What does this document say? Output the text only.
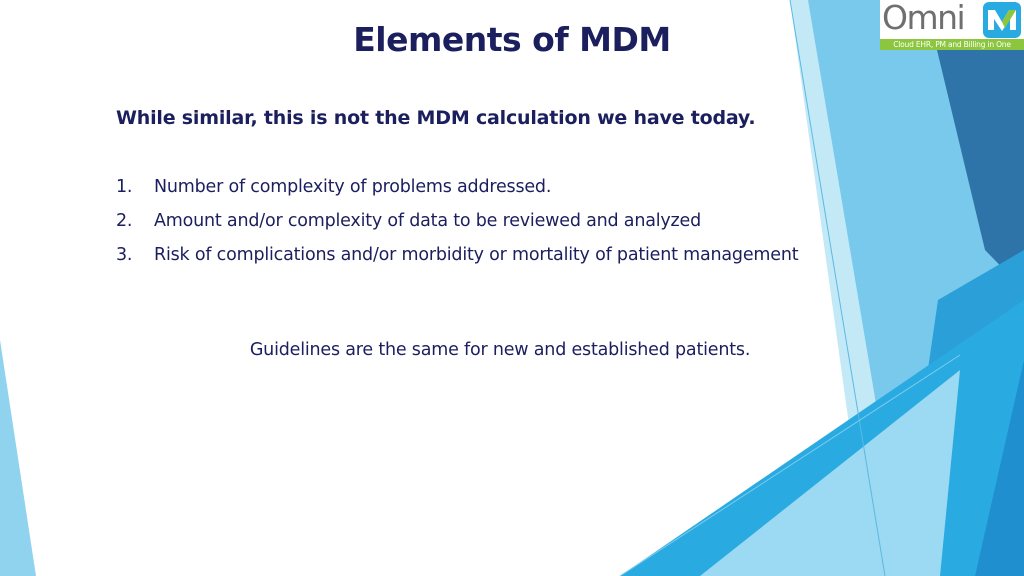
Elements of MDM
While similar, this is not the MDM calculation we have today.
1. Number of complexity of problems addressed.
2. Amount and/or complexity of data to be reviewed and analyzed
3. Risk of complications and/or morbidity or mortality of patient management
Guidelines are the same for new and established patients.
Omni
Cloud EHR, PM and Billing in One
